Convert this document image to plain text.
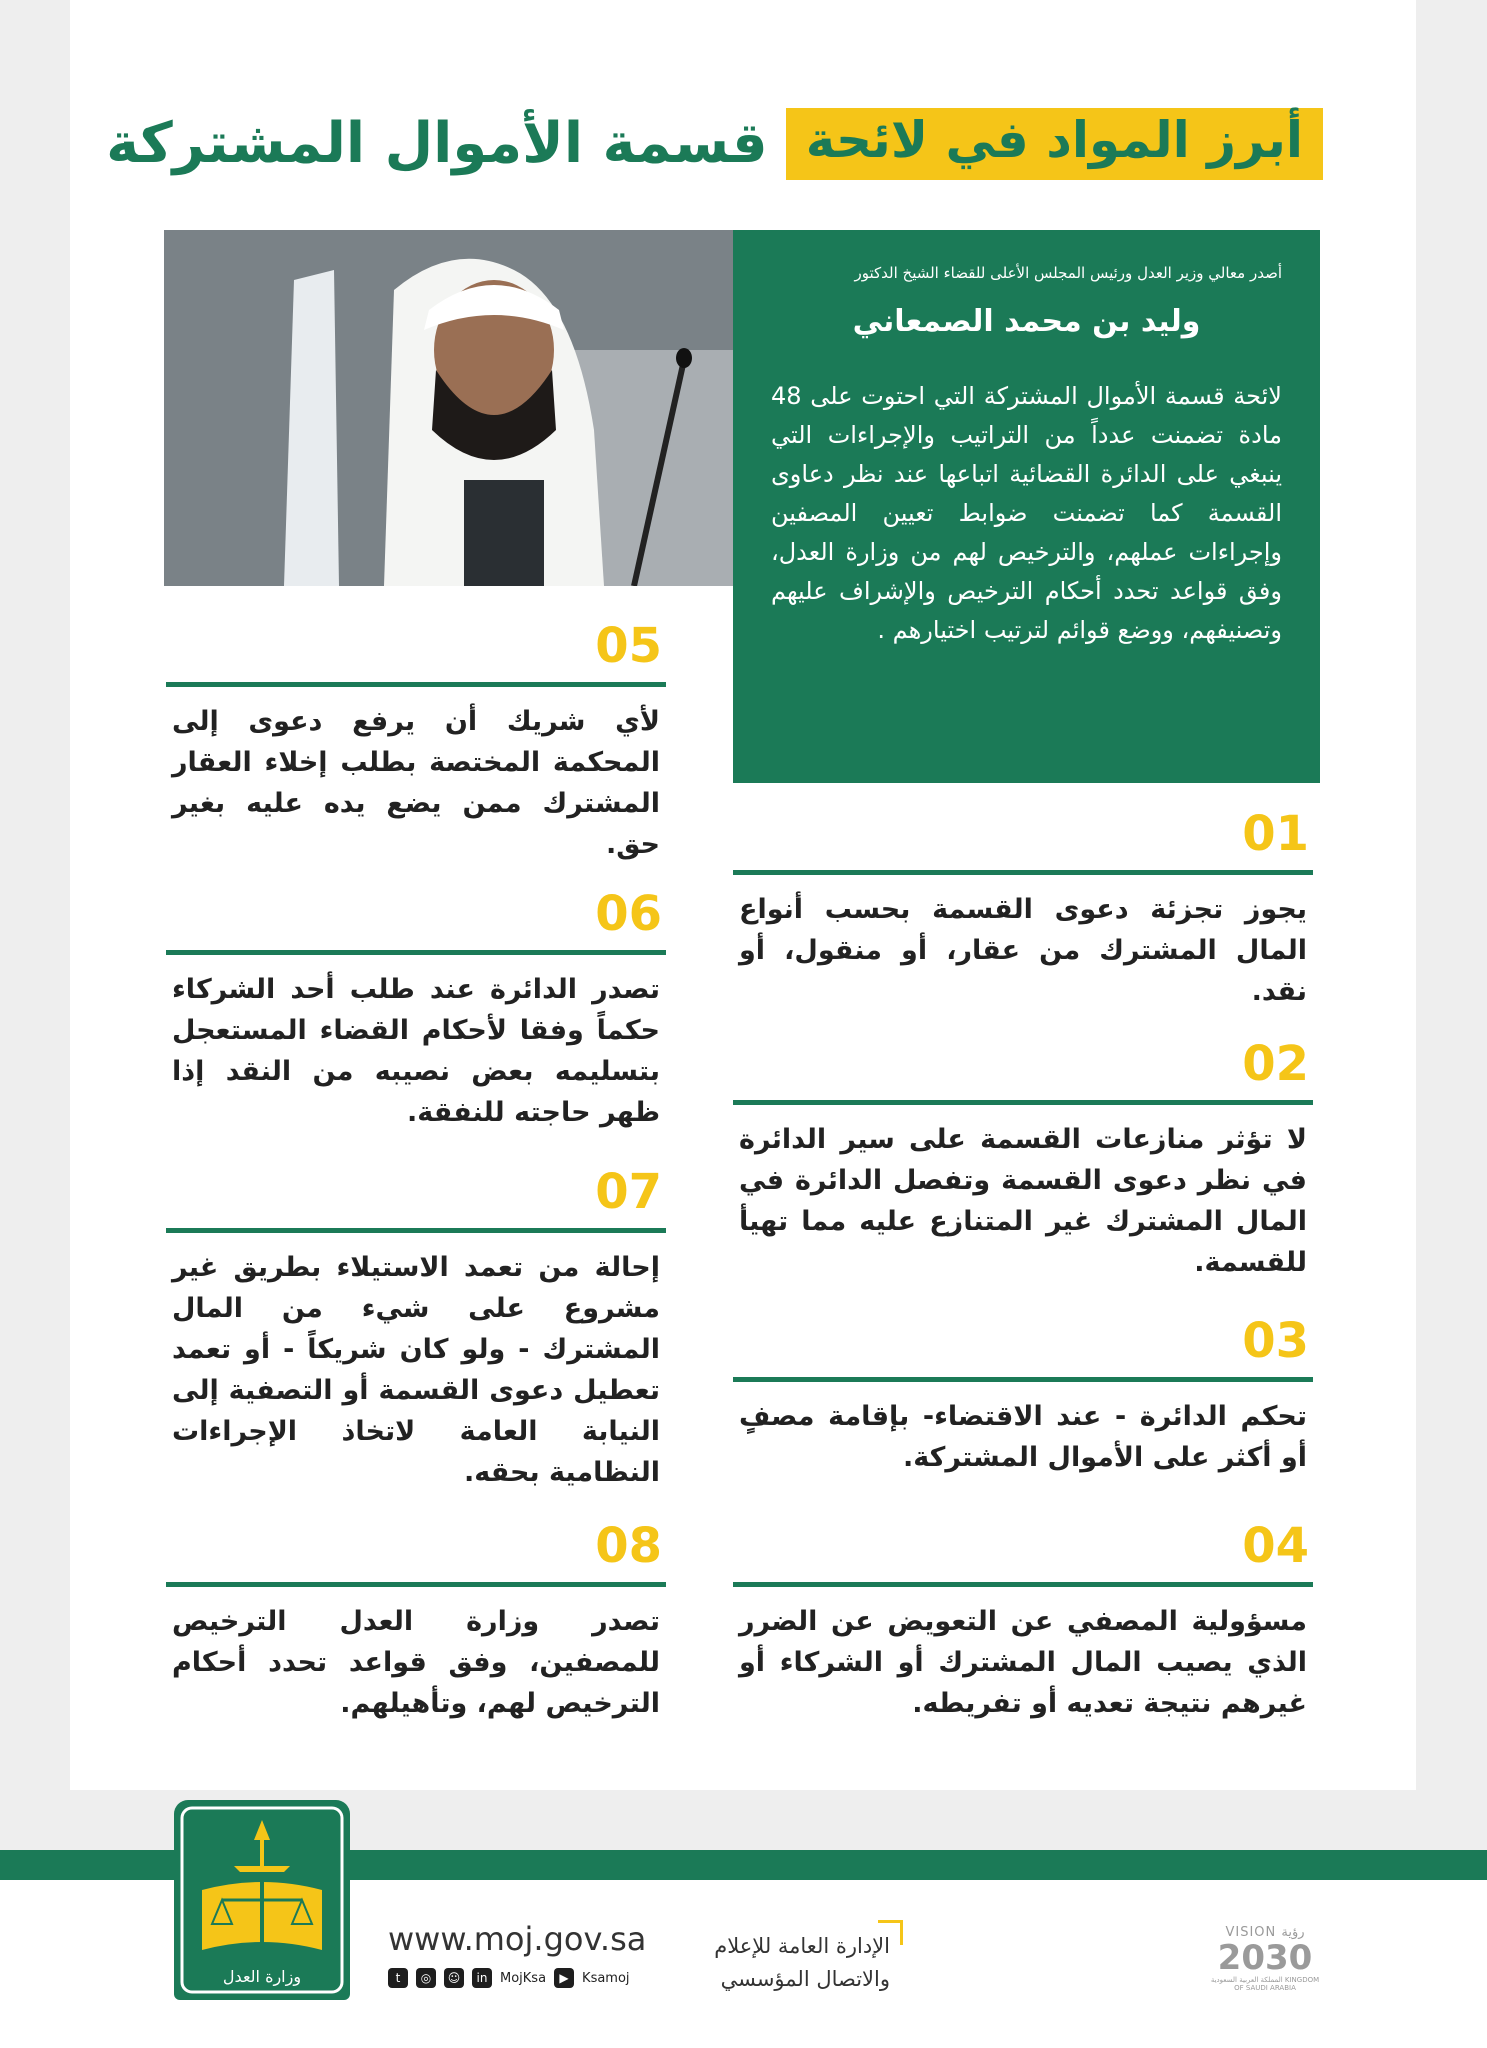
أبرز المواد في لائحة
قسمة الأموال المشتركة
أصدر معالي وزير العدل ورئيس المجلس الأعلى للقضاء الشيخ الدكتور
وليد بن محمد الصمعاني
لائحة قسمة الأموال المشتركة التي احتوت على 48 مادة تضمنت عدداً من التراتيب والإجراءات التي ينبغي على الدائرة القضائية اتباعها عند نظر دعاوى القسمة كما تضمنت ضوابط تعيين المصفين وإجراءات عملهم، والترخيص لهم من وزارة العدل، وفق قواعد تحدد أحكام الترخيص والإشراف عليهم وتصنيفهم، ووضع قوائم لترتيب اختيارهم .
01
يجوز تجزئة دعوى القسمة بحسب أنواع المال المشترك من عقار، أو منقول، أو نقد.
02
لا تؤثر منازعات القسمة على سير الدائرة في نظر دعوى القسمة وتفصل الدائرة في المال المشترك غير المتنازع عليه مما تهيأ للقسمة.
03
تحكم الدائرة - عند الاقتضاء- بإقامة مصفٍ أو أكثر على الأموال المشتركة.
04
مسؤولية المصفي عن التعويض عن الضرر الذي يصيب المال المشترك أو الشركاء أو غيرهم نتيجة تعديه أو تفريطه.
05
لأي شريك أن يرفع دعوى إلى المحكمة المختصة بطلب إخلاء العقار المشترك ممن يضع يده عليه بغير حق.
06
تصدر الدائرة عند طلب أحد الشركاء حكماً وفقا لأحكام القضاء المستعجل بتسليمه بعض نصيبه من النقد إذا ظهر حاجته للنفقة.
07
إحالة من تعمد الاستيلاء بطريق غير مشروع على شيء من المال المشترك - ولو كان شريكاً - أو تعمد تعطيل دعوى القسمة أو التصفية إلى النيابة العامة لاتخاذ الإجراءات النظامية بحقه.
08
تصدر وزارة العدل الترخيص للمصفين، وفق قواعد تحدد أحكام الترخيص لهم، وتأهيلهم.
وزارة العدل
www.moj.gov.sa
t	◎	☺	in MojKsa	▶	Ksamoj
الإدارة العامة للإعلام
والاتصال المؤسسي
VISION رؤية
2030
المملكة العربية السعودية KINGDOM OF SAUDI ARABIA
